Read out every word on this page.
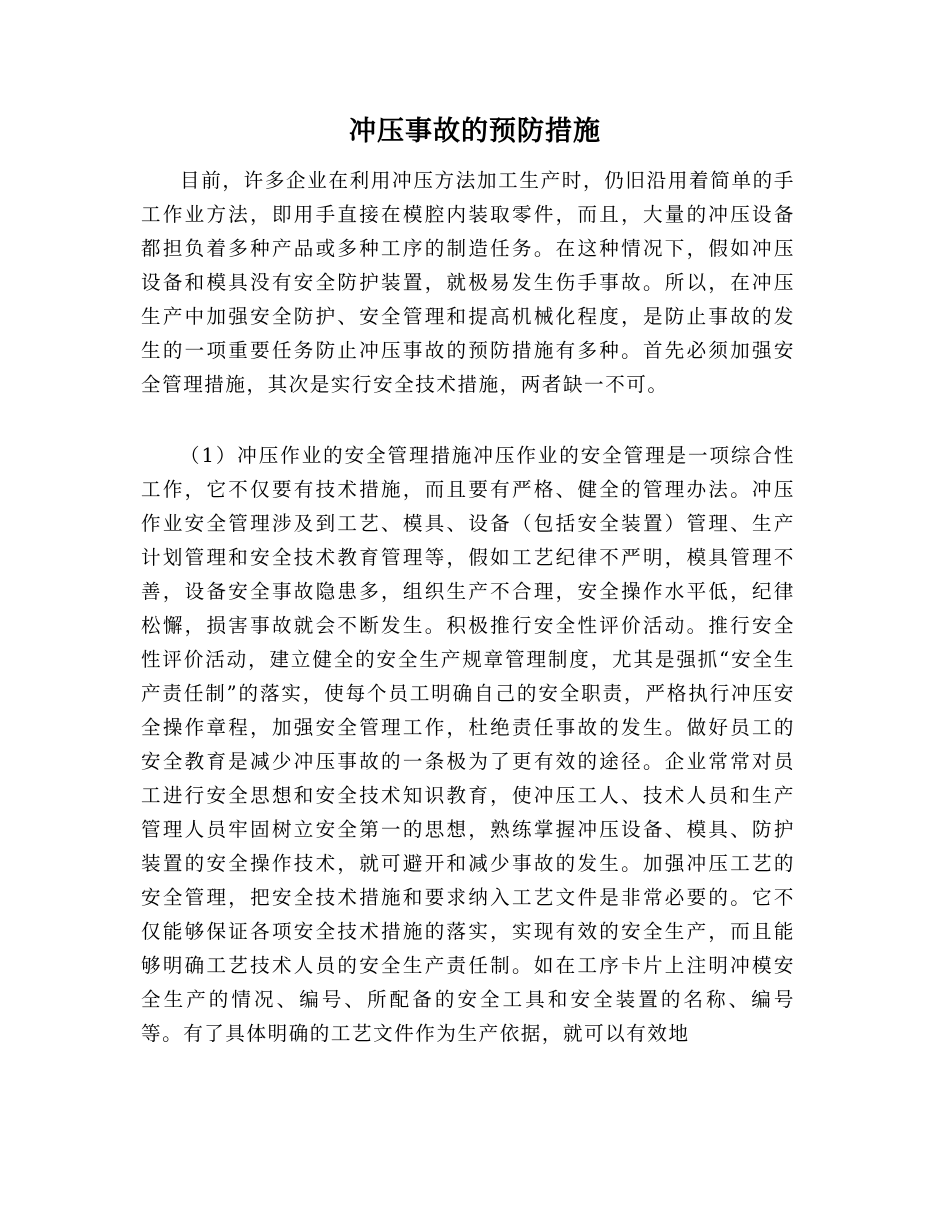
冲压事故的预防措施

目前，许多企业在利用冲压方法加工生产时，仍旧沿用着简单的手工作业方法，即用手直接在模腔内装取零件，而且，大量的冲压设备都担负着多种产品或多种工序的制造任务。在这种情况下，假如冲压设备和模具没有安全防护装置，就极易发生伤手事故。所以，在冲压生产中加强安全防护、安全管理和提高机械化程度，是防止事故的发生的一项重要任务防止冲压事故的预防措施有多种。首先必须加强安全管理措施，其次是实行安全技术措施，两者缺一不可。

（1）冲压作业的安全管理措施冲压作业的安全管理是一项综合性工作，它不仅要有技术措施，而且要有严格、健全的管理办法。冲压作业安全管理涉及到工艺、模具、设备（包括安全装置）管理、生产计划管理和安全技术教育管理等，假如工艺纪律不严明，模具管理不善，设备安全事故隐患多，组织生产不合理，安全操作水平低，纪律松懈，损害事故就会不断发生。积极推行安全性评价活动。推行安全性评价活动，建立健全的安全生产规章管理制度，尤其是强抓“安全生产责任制”的落实，使每个员工明确自己的安全职责，严格执行冲压安全操作章程，加强安全管理工作，杜绝责任事故的发生。做好员工的安全教育是减少冲压事故的一条极为了更有效的途径。企业常常对员工进行安全思想和安全技术知识教育，使冲压工人、技术人员和生产管理人员牢固树立安全第一的思想，熟练掌握冲压设备、模具、防护装置的安全操作技术，就可避开和减少事故的发生。加强冲压工艺的安全管理，把安全技术措施和要求纳入工艺文件是非常必要的。它不仅能够保证各项安全技术措施的落实，实现有效的安全生产，而且能够明确工艺技术人员的安全生产责任制。如在工序卡片上注明冲模安全生产的情况、编号、所配备的安全工具和安全装置的名称、编号等。有了具体明确的工艺文件作为生产依据，就可以有效地
